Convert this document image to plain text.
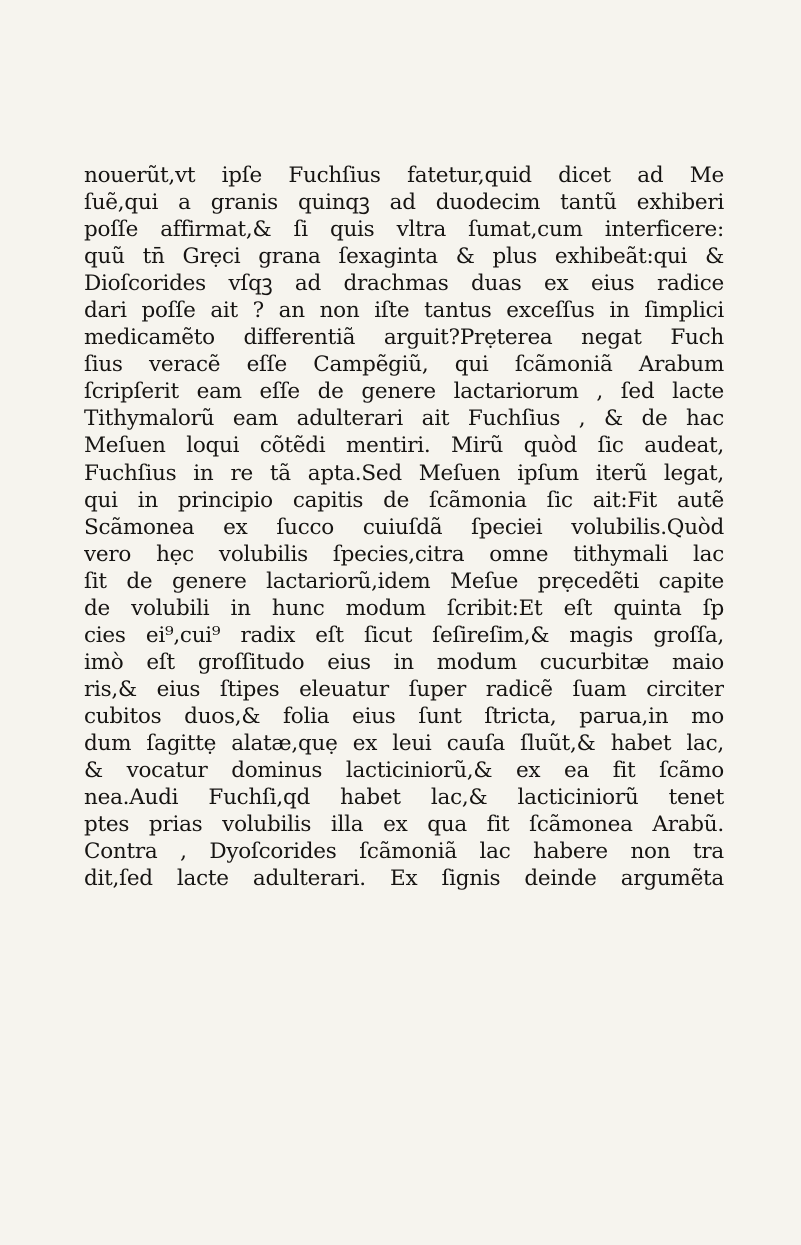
nouerũt,vt ipſe Fuchſius fatetur,quid dicet ad Me
ſuẽ,qui a granis quinqꝫ ad duodecim tantũ exhiberi
poſſe affirmat,& ſi quis vltra ſumat,cum interficere:
quũ tn̄ Grẹci grana ſexaginta & plus exhibeãt:qui &
Dioſcorides vſqꝫ ad drachmas duas ex eius radice
dari poſſe ait ? an non iſte tantus exceſſus in ſimplici
medicamẽto differentiã arguit?Prẹterea negat Fuch
ſius veracẽ eſſe Campẽgiũ, qui ſcãmoniã Arabum
ſcripſerit eam eſſe de genere lactariorum , ſed lacte
Tithymalorũ eam adulterari ait Fuchſius , & de hac
Meſuen loqui cõtẽdi mentiri. Mirũ quòd ſic audeat,
Fuchſius in re tã apta.Sed Meſuen ipſum iterũ legat,
qui in principio capitis de ſcãmonia ſic ait:Fit autẽ
Scãmonea ex ſucco cuiuſdã ſpeciei volubilis.Quòd
vero hẹc volubilis ſpecies,citra omne tithymali lac
ſit de genere lactariorũ,idem Meſue prẹcedẽti capite
de volubili in hunc modum ſcribit:Et eſt quinta ſp
cies ei⁹,cui⁹ radix eſt ſicut ſeſireſim,& magis groſſa,
imò eſt groſſitudo eius in modum cucurbitæ maio
ris,& eius ſtipes eleuatur ſuper radicẽ ſuam circiter
cubitos duos,& folia eius ſunt ſtricta, parua,in mo
dum ſagittẹ alatæ,quẹ ex leui cauſa ſluũt,& habet lac,
& vocatur dominus lacticiniorũ,& ex ea fit ſcãmo
nea.Audi Fuchſi,qd habet lac,& lacticiniorũ tenet
ptes prias volubilis illa ex qua fit ſcãmonea Arabũ.
Contra , Dyoſcorides ſcãmoniã lac habere non tra
dit,ſed lacte adulterari. Ex ſignis deinde argumẽta
